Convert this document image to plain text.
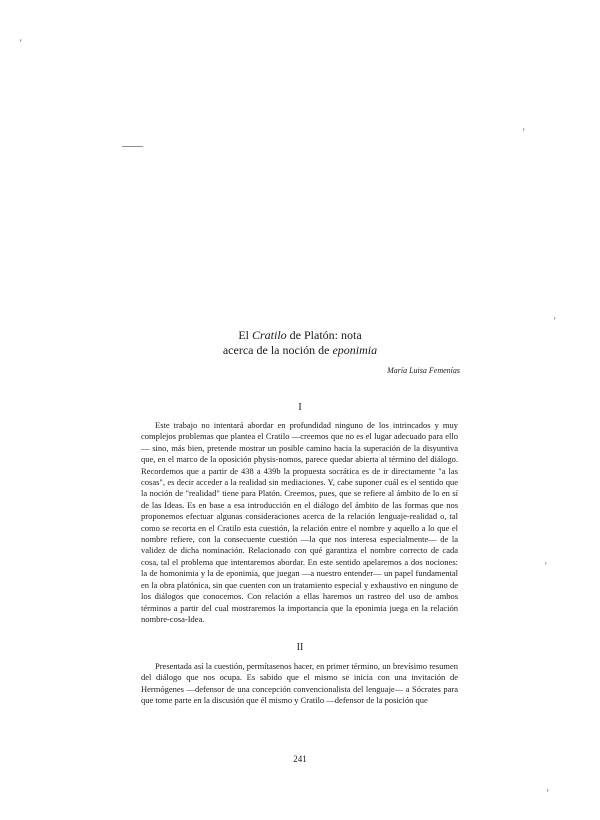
'
'
'
'
'
_____
El Cratilo de Platón: nota
acerca de la noción de eponimia
María Luisa Femenías
I

Este trabajo no intentará abordar en profundidad ninguno de los intrincados y muy complejos problemas que plantea el Cratilo —creemos que no es el lugar adecuado para ello— sino, más bien, pretende mostrar un posible camino hacia la superación de la disyuntiva que, en el marco de la oposición physis-nomos, parece quedar abierta al término del diálogo. Recordemos que a partir de 438 a 439b la propuesta socrática es de ir directamente "a las cosas", es decir acceder a la realidad sin mediaciones. Y, cabe suponer cuál es el sentido que la noción de "realidad" tiene para Platón. Creemos, pues, que se refiere al ámbito de lo en sí de las Ideas. Es en base a esa introducción en el diálogo del ámbito de las formas que nos proponemos efectuar algunas consideraciones acerca de la relación lenguaje-realidad o, tal como se recorta en el Cratilo esta cuestión, la relación entre el nombre y aquello a lo que el nombre refiere, con la consecuente cuestión —la que nos interesa especialmente— de la validez de dicha nominación. Relacionado con qué garantiza el nombre correcto de cada cosa, tal el problema que intentaremos abordar. En este sentido apelaremos a dos nociones: la de homonimia y la de eponimia, que juegan —a nuestro entender— un papel fundamental en la obra platónica, sin que cuenten con un tratamiento especial y exhaustivo en ninguno de los diálogos que conocemos. Con relación a ellas haremos un rastreo del uso de ambos términos a partir del cual mostraremos la importancia que la eponimia juega en la relación nombre-cosa-Idea.

II

Presentada así la cuestión, permítasenos hacer, en primer término, un brevísimo resumen del diálogo que nos ocupa. Es sabido que el mismo se inicia con una invitación de Hermógenes —defensor de una concepción convencionalista del lenguaje— a Sócrates para que tome parte en la discusión que él mismo y Cratilo —defensor de la posición que

241
